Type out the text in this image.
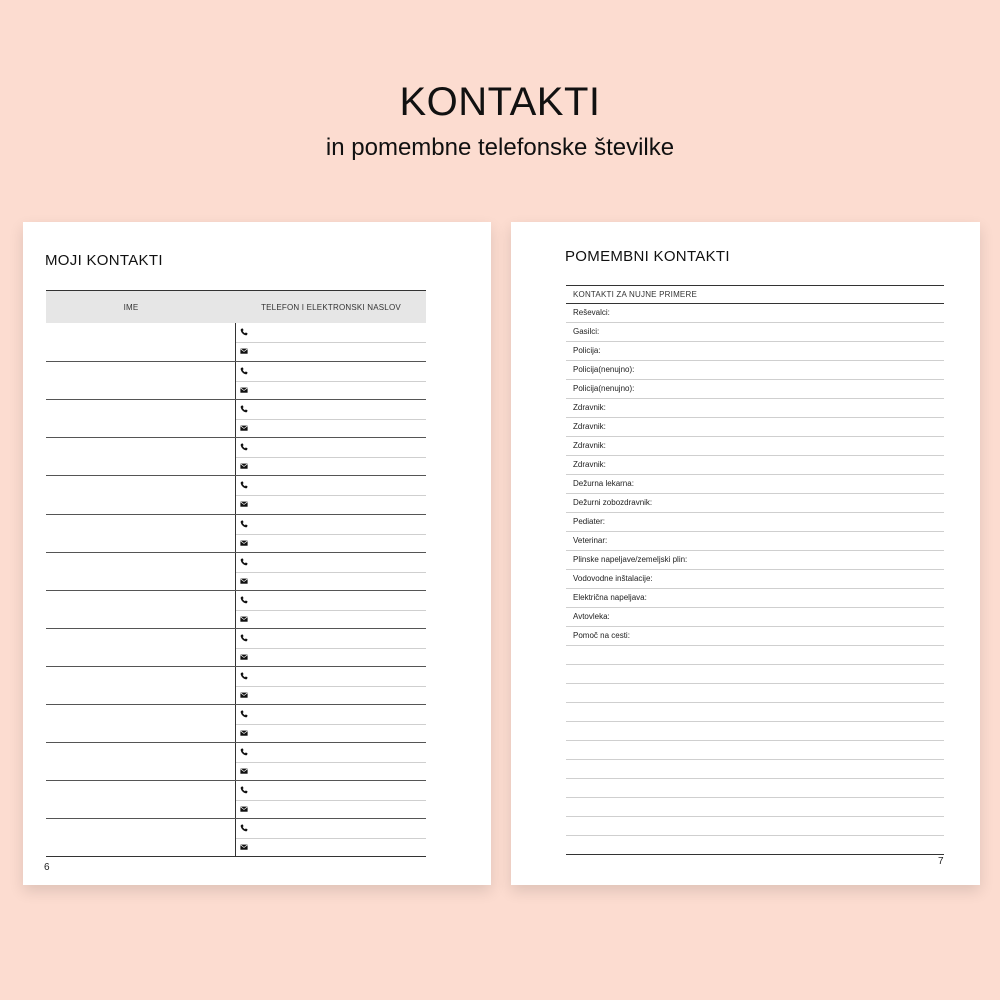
KONTAKTI
in pomembne telefonske številke
MOJI KONTAKTI
IME	TELEFON I ELEKTRONSKI NASLOV
6
POMEMBNI KONTAKTI
KONTAKTI ZA NUJNE PRIMERE
Reševalci:
Gasilci:
Policija:
Policija(nenujno):
Policija(nenujno):
Zdravnik:
Zdravnik:
Zdravnik:
Zdravnik:
Dežurna lekarna:
Dežurni zobozdravnik:
Pediater:
Veterinar:
Plinske napeljave/zemeljski plin:
Vodovodne inštalacije:
Električna napeljava:
Avtovleka:
Pomoč na cesti:
7
